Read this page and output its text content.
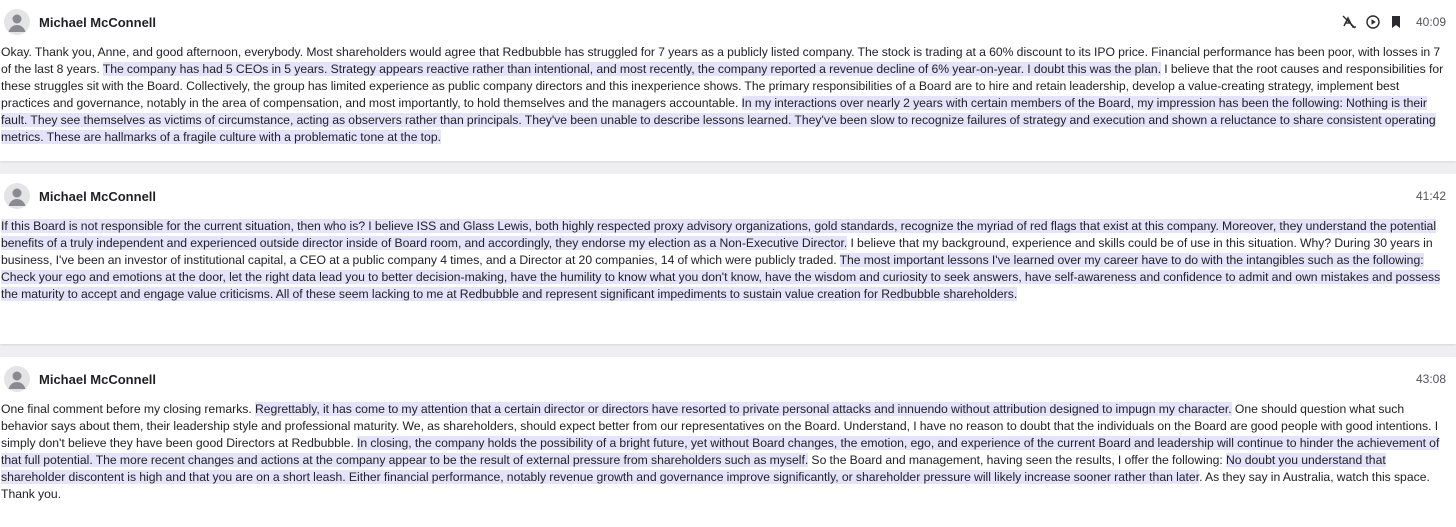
Michael McConnell	40:09

Okay. Thank you, Anne, and good afternoon, everybody. Most shareholders would agree that Redbubble has struggled for 7 years as a publicly listed company. The stock is trading at a 60% discount to its IPO price. Financial performance has been poor, with losses in 7 of the last 8 years. The company has had 5 CEOs in 5 years. Strategy appears reactive rather than intentional, and most recently, the company reported a revenue decline of 6% year-on-year. I doubt this was the plan. I believe that the root causes and responsibilities for these struggles sit with the Board. Collectively, the group has limited experience as public company directors and this inexperience shows. The primary responsibilities of a Board are to hire and retain leadership, develop a value-creating strategy, implement best practices and governance, notably in the area of compensation, and most importantly, to hold themselves and the managers accountable. In my interactions over nearly 2 years with certain members of the Board, my impression has been the following: Nothing is their fault. They see themselves as victims of circumstance, acting as observers rather than principals. They've been unable to describe lessons learned. They've been slow to recognize failures of strategy and execution and shown a reluctance to share consistent operating metrics. These are hallmarks of a fragile culture with a problematic tone at the top.

Michael McConnell	41:42

If this Board is not responsible for the current situation, then who is? I believe ISS and Glass Lewis, both highly respected proxy advisory organizations, gold standards, recognize the myriad of red flags that exist at this company. Moreover, they understand the potential benefits of a truly independent and experienced outside director inside of Board room, and accordingly, they endorse my election as a Non-Executive Director. I believe that my background, experience and skills could be of use in this situation. Why? During 30 years in business, I've been an investor of institutional capital, a CEO at a public company 4 times, and a Director at 20 companies, 14 of which were publicly traded. The most important lessons I've learned over my career have to do with the intangibles such as the following: Check your ego and emotions at the door, let the right data lead you to better decision-making, have the humility to know what you don't know, have the wisdom and curiosity to seek answers, have self-awareness and confidence to admit and own mistakes and possess the maturity to accept and engage value criticisms. All of these seem lacking to me at Redbubble and represent significant impediments to sustain value creation for Redbubble shareholders.

Michael McConnell	43:08

One final comment before my closing remarks. Regrettably, it has come to my attention that a certain director or directors have resorted to private personal attacks and innuendo without attribution designed to impugn my character. One should question what such behavior says about them, their leadership style and professional maturity. We, as shareholders, should expect better from our representatives on the Board. Understand, I have no reason to doubt that the individuals on the Board are good people with good intentions. I simply don't believe they have been good Directors at Redbubble. In closing, the company holds the possibility of a bright future, yet without Board changes, the emotion, ego, and experience of the current Board and leadership will continue to hinder the achievement of that full potential. The more recent changes and actions at the company appear to be the result of external pressure from shareholders such as myself. So the Board and management, having seen the results, I offer the following: No doubt you understand that shareholder discontent is high and that you are on a short leash. Either financial performance, notably revenue growth and governance improve significantly, or shareholder pressure will likely increase sooner rather than later. As they say in Australia, watch this space. Thank you.
